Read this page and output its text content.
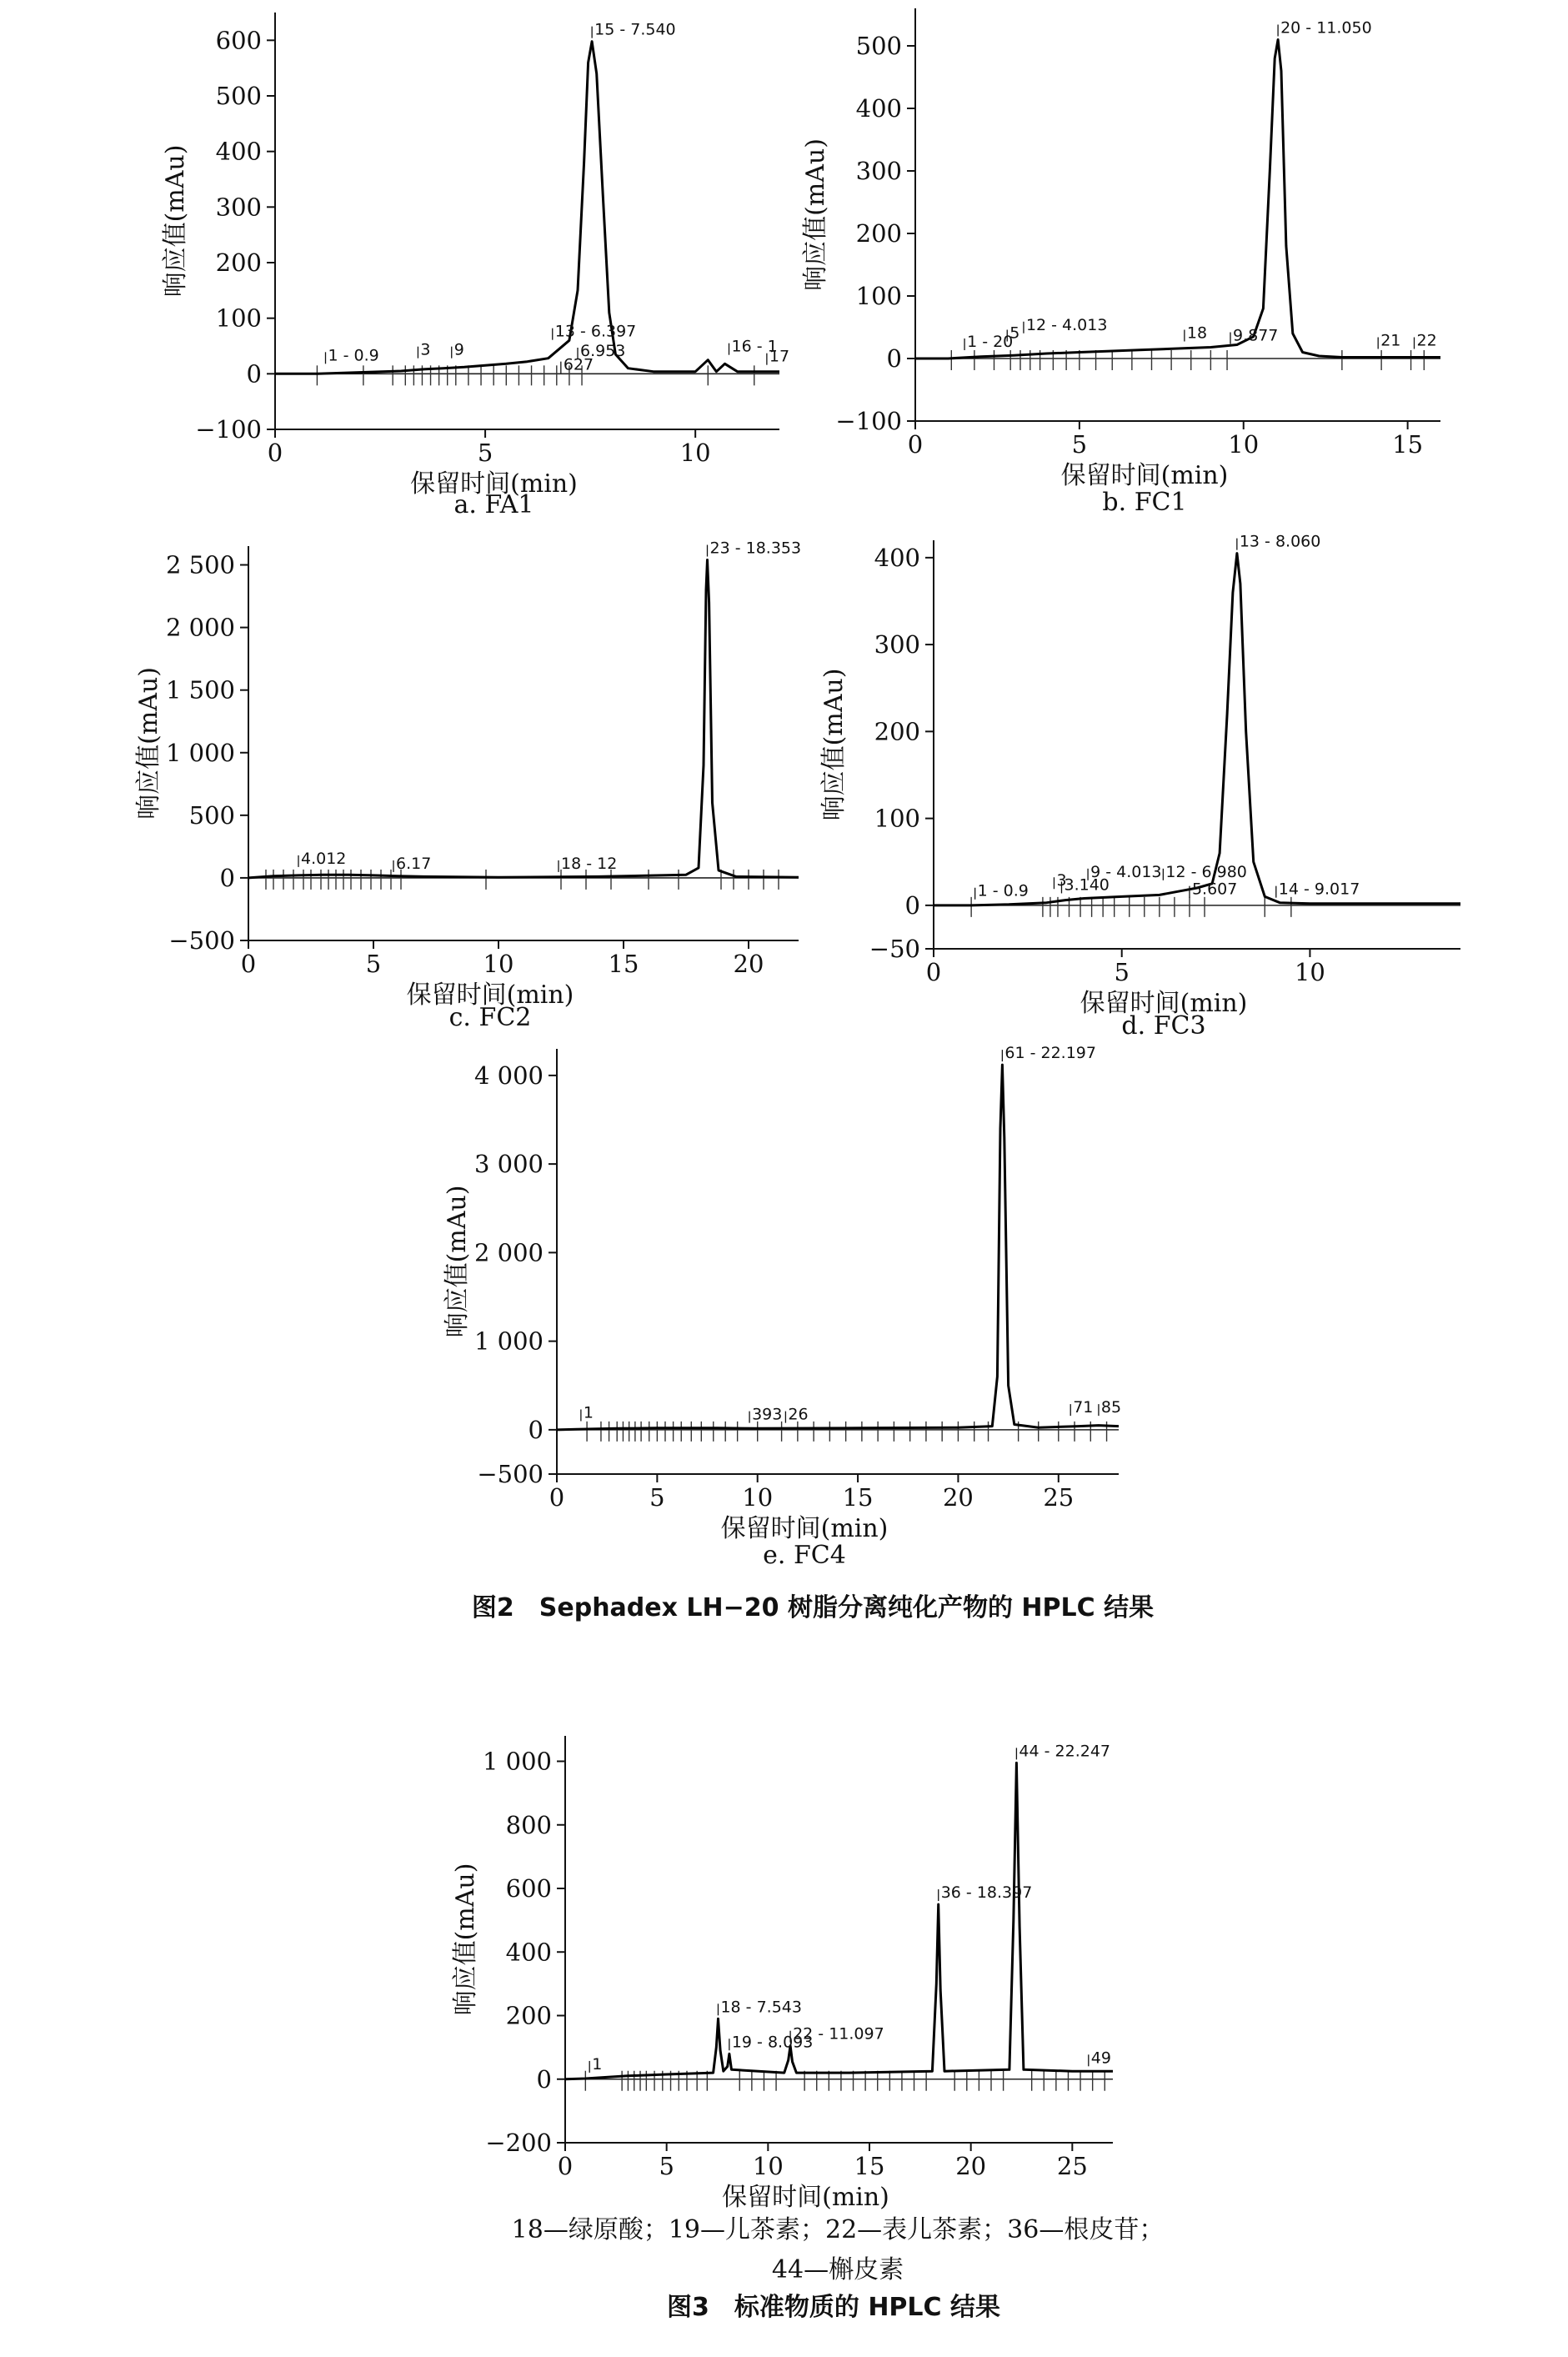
−100
0
100
200
300
400
500
600
0	5	10
保留时间(min)
响应值(mAu)
a. FA1
15 - 7.540
13 - 6.397
6.953	16 - 1
1 - 0.9	3 9
627	17
−100
0
100
200
300
400
500
0	5	10	15
保留时间(min)
响应值(mAu)
b. FC1
20 - 11.050
12 - 4.013
9.877
1 - 20
5	18	21 22
−500
0
500
1 000
1 500
2 000
2 500
0	5	10	15	20
保留时间(min)
响应值(mAu)
c. FC2
23 - 18.353
18 - 12
4.012	6.17
−50
0
100
200
300
400
0	5	10
保留时间(min)
响应值(mAu)
d. FC3
13 - 8.060
9 - 4.013 12 - 6.980
14 - 9.017
1 - 0.9 3.140
3	5.607
−500
0
1 000
2 000
3 000
4 000
0	5	10	15	20	25
保留时间(min)
响应值(mAu)
e. FC4
61 - 22.197
1	393 26	71 85
−200
0
200
400
600
800
1 000
0	5	10	15	20	25
保留时间(min)
响应值(mAu)	18 - 7.543
19 - 8.093
22 - 11.097
36 - 18.397
44 - 22.247
1	49
图2　Sephadex LH−20 树脂分离纯化产物的 HPLC 结果
18—绿原酸；19—儿茶素；22—表儿茶素；36—根皮苷；
44—槲皮素
图3　标准物质的 HPLC 结果
